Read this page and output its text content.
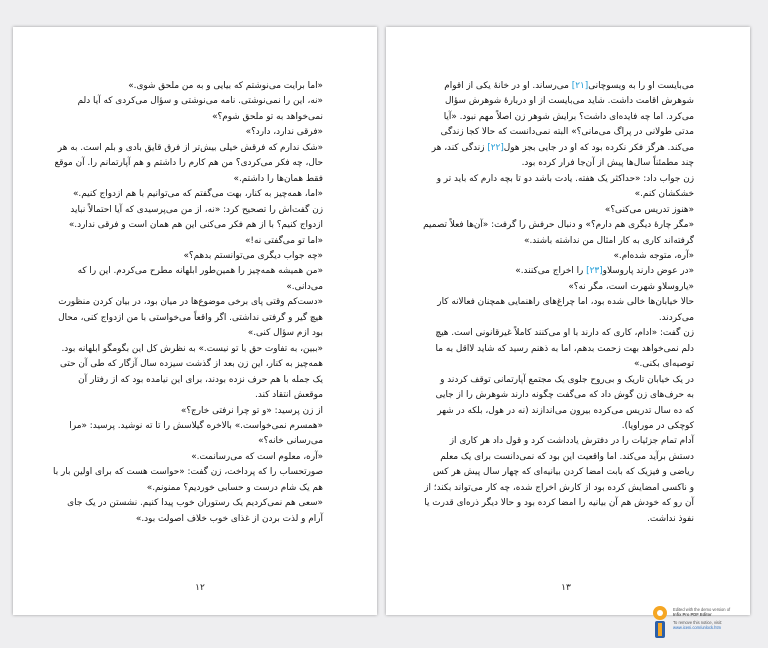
«اما برایت می‌نوشتم که بیایی و به من ملحق شوی.»

«نه، این را نمی‌نوشتی. نامه می‌نوشتی و سؤال می‌کردی که آیا دلم

نمی‌خواهد به تو ملحق شوم؟»

«فرقی ندارد، دارد؟»

«شک ندارم که فرقش خیلی بیش‌تر از فرق قایق بادی و بلم است. به هر

حال، چه فکر می‌کردی؟ من هم کارم را داشتم و هم آپارتمانم را. آن موقع

فقط همان‌ها را داشتم.»

«اما، همه‌چیز به کنار، بهت می‌گفتم که می‌توانیم با هم ازدواج کنیم.»

زن گفت‌اش را تصحیح کرد: «نه، از من می‌پرسیدی که آیا احتمالاً نباید

ازدواج کنیم؟ با از هم فکر می‌کنی این هم همان است و فرقی ندارد.»

«اما تو می‌گفتی نه!»

«چه جواب دیگری می‌توانستم بدهم؟»

«من همیشه همه‌چیز را همین‌طور ابلهانه مطرح می‌کردم. این را که

می‌دانی.»

«دست‌کم وقتی پای برخی موضوع‌ها در میان بود، در بیان کردن منظورت

هیچ گیر و گرفتی نداشتی. اگر واقعاً می‌خواستی با من ازدواج کنی، محال

بود ازم سؤال کنی.»

«ببین، به تفاوت حق با تو نیست.» به نظرش کل این بگومگو ابلهانه بود.

همه‌چیز به کنار، این زن بعد از گذشت سیزده سال آزگار که طی آن حتی

یک جمله با هم حرف نزده بودند، برای این نیامده بود که از رفتار آن

موقعش انتقاد کند.

از زن پرسید: «و تو چرا نرفتی خارج؟»

«همسرم نمی‌خواست.» بالاخره گیلاسش را تا ته نوشید. پرسید: «مرا

می‌رسانی خانه؟»

«آره، معلوم است که می‌رسانمت.»

صورتحساب را که پرداخت، زن گفت: «حواست هست که برای اولین بار با

هم یک شام درست و حسابی خوردیم؟ ممنونم.»

«سعی هم نمی‌کردیم یک رستوران خوب پیدا کنیم. نشستن در یک جای

آرام و لذت بردن از غذای خوب خلاف اصولت بود.»

۱۲

می‌بایست او را به ویسوچانی[۲۱] می‌رساند. او در خانهٔ یکی از اقوام

شوهرش اقامت داشت. شاید می‌بایست از او دربارهٔ شوهرش سؤال

می‌کرد. اما چه فایده‌ای داشت؟ برایش شوهر زن اصلاً مهم نبود. «آیا

مدتی طولانی در پراگ می‌مانی؟» البته نمی‌دانست که حالا کجا زندگی

می‌کند. هرگز فکر نکرده بود که او در جایی بجز هول[۲۲] زندگی کند، هر

چند مطمئناً سال‌ها پیش از آن‌جا فرار کرده بود.

زن جواب داد: «حداکثر یک هفته. یادت باشد دو تا بچه دارم که باید تر و

خشکشان کنم.»

«هنوز تدریس می‌کنی؟»

«مگر چارهٔ دیگری هم دارم؟» و دنبال حرفش را گرفت: «آن‌ها فعلاً تصمیم

گرفته‌اند کاری به کار امثال من نداشته باشند.»

«آره، متوجه شده‌ام.»

«در عوض دارند پاروسلاو[۲۳] را اخراج می‌کنند.»

«یاروسلاو شهرت است، مگر نه؟»

حالا خیابان‌ها خالی شده بود، اما چراغ‌های راهنمایی همچنان فعالانه کار

می‌کردند.

زن گفت: «ادام، کاری که دارند با او می‌کنند کاملاً غیرقانونی است. هیچ

دلم نمی‌خواهد بهت زحمت بدهم، اما به ذهنم رسید که شاید لااقل به ما

توصیه‌ای بکنی.»

در یک خیابان تاریک و بی‌روح جلوی یک مجتمع آپارتمانی توقف کردند و

به حرف‌های زن گوش داد که می‌گفت چگونه دارند شوهرش را از جایی

که ده سال تدریس می‌کرده بیرون می‌اندازند (نه در هول، بلکه در شهر

کوچکی در موراویا).

آدام تمام جزئیات را در دفترش یادداشت کرد و قول داد هر کاری از

دستش برآید می‌کند. اما واقعیت این بود که نمی‌دانست برای یک معلم

ریاضی و فیزیک که بابت امضا کردن بیانیه‌ای که چهار سال پیش هر کس

و ناکسی امضایش کرده بود از کارش اخراج شده، چه کار می‌تواند بکند؛ از

آن رو که خودش هم آن بیانیه را امضا کرده بود و حالا دیگر ذره‌ای قدرت یا

نفوذ نداشت.

۱۳
Edited with the demo version of
Infix Pro PDF Editor
To remove this notice, visit:
www.iceni.com/unlock.htm
